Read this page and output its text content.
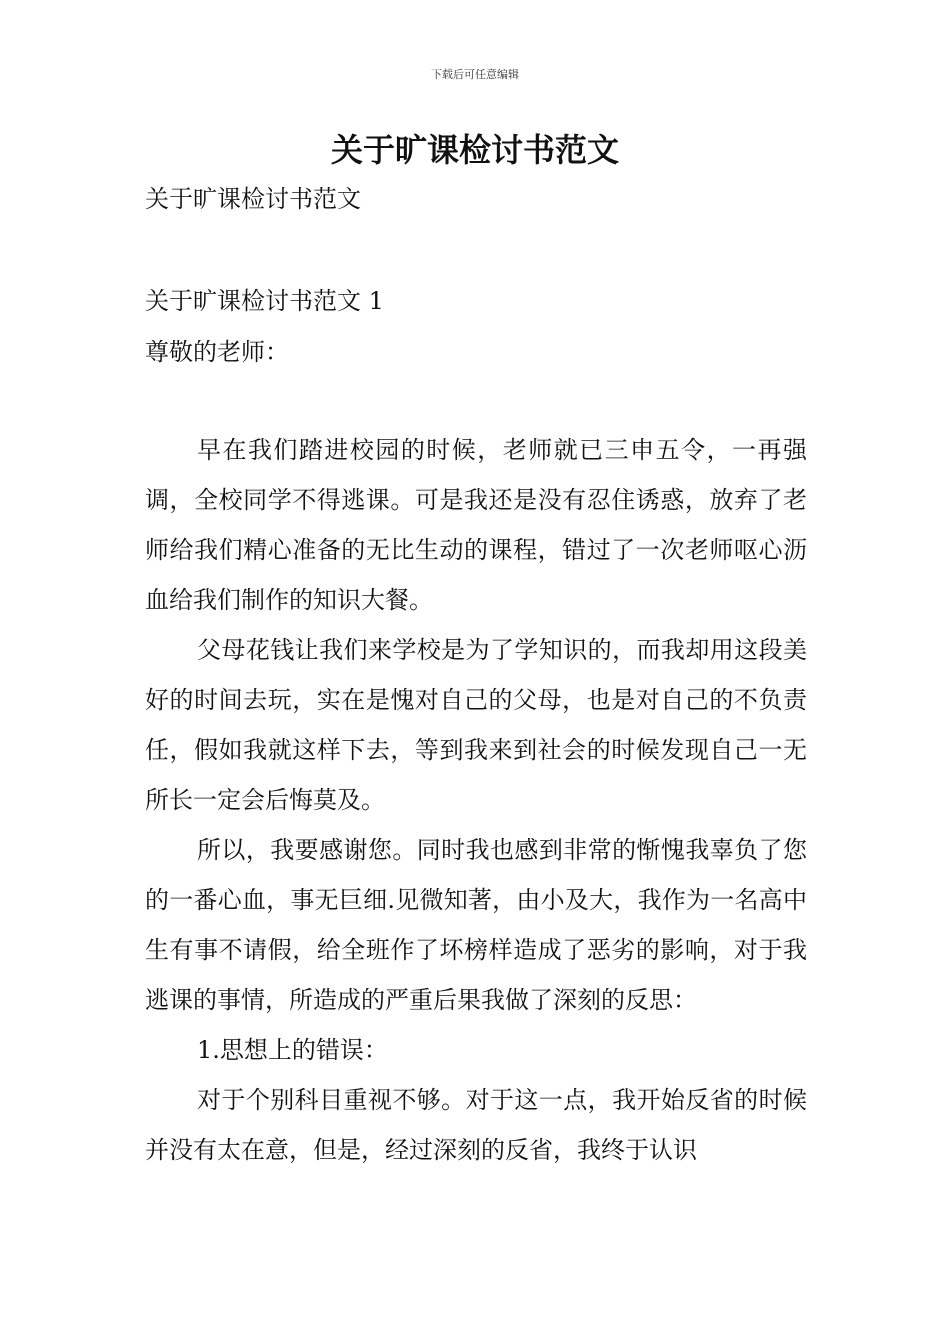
下载后可任意编辑
关于旷课检讨书范文
关于旷课检讨书范文
关于旷课检讨书范文 1
尊敬的老师：

早在我们踏进校园的时候，老师就已三申五令，一再强调，全校同学不得逃课。可是我还是没有忍住诱惑，放弃了老师给我们精心准备的无比生动的课程，错过了一次老师呕心沥血给我们制作的知识大餐。

父母花钱让我们来学校是为了学知识的，而我却用这段美好的时间去玩，实在是愧对自己的父母，也是对自己的不负责任，假如我就这样下去，等到我来到社会的时候发现自己一无所长一定会后悔莫及。

所以，我要感谢您。同时我也感到非常的惭愧我辜负了您的一番心血，事无巨细.见微知著，由小及大，我作为一名高中生有事不请假，给全班作了坏榜样造成了恶劣的影响，对于我逃课的事情，所造成的严重后果我做了深刻的反思：

1.思想上的错误：

对于个别科目重视不够。对于这一点，我开始反省的时候并没有太在意，但是，经过深刻的反省，我终于认识
